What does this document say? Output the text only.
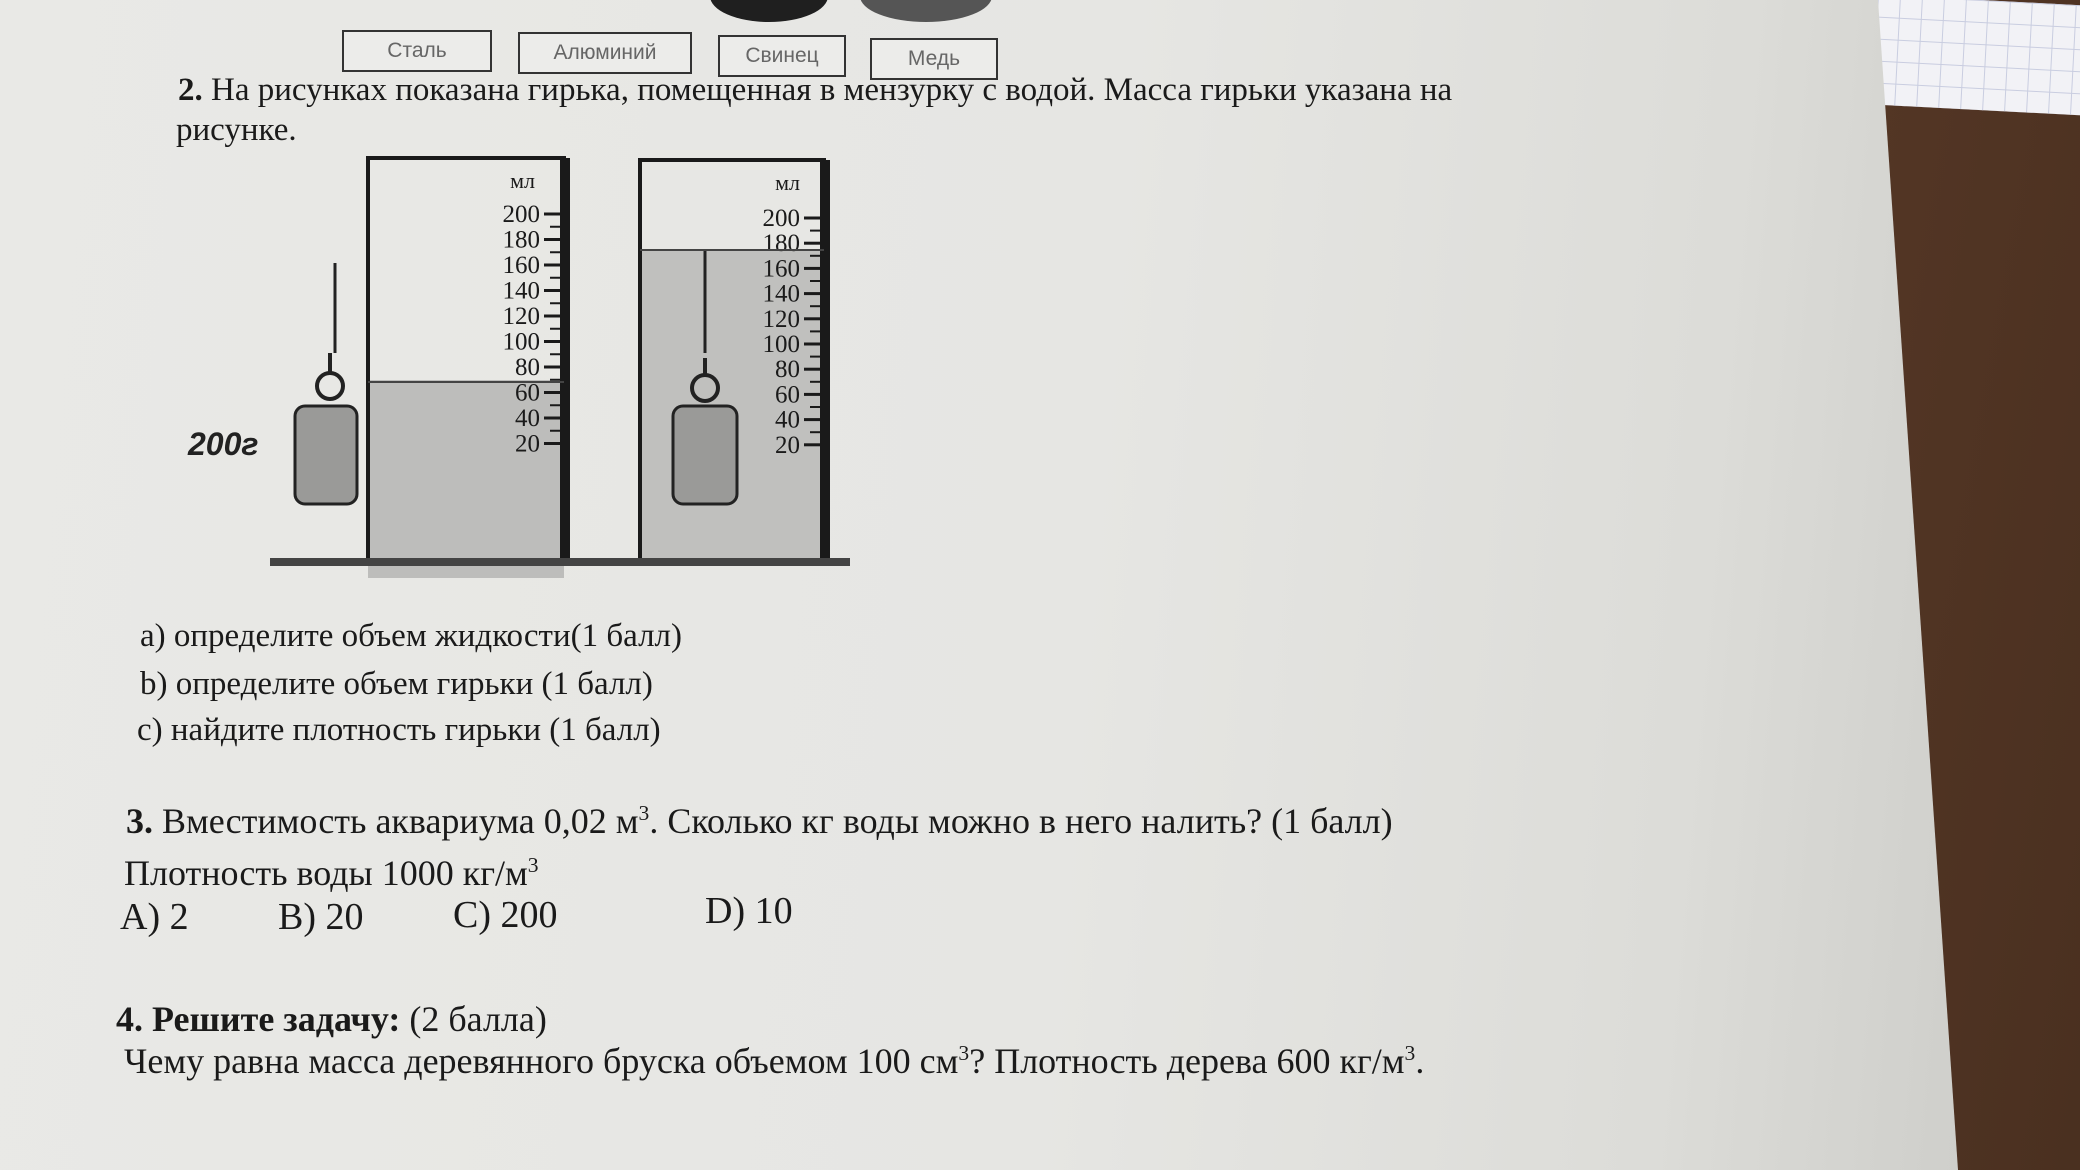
Сталь	Алюминий	Свинец	Медь
2. На рисунках показана гирька, помещенная в мензурку с водой. Масса гирьки указана на
рисунке.
200г
мл	мл
200
180
160
140
120
100
80
60
40
20
200
180
160
140
120
100
80
60
40
20
а) определите объем жидкости(1 балл)
b) определите объем гирьки (1 балл)
с) найдите плотность гирьки (1 балл)
3. Вместимость аквариума 0,02 $м^3$. Сколько кг воды можно в него налить? (1 балл)
Плотность воды 1000 $кг/м^3$
А) 2 В) 20 С) 200	D) 10
4. Решите задачу: (2 балла)
Чему равна масса деревянного бруска объемом 100 $см^3$? Плотность дерева 600 $кг/м^3$.
